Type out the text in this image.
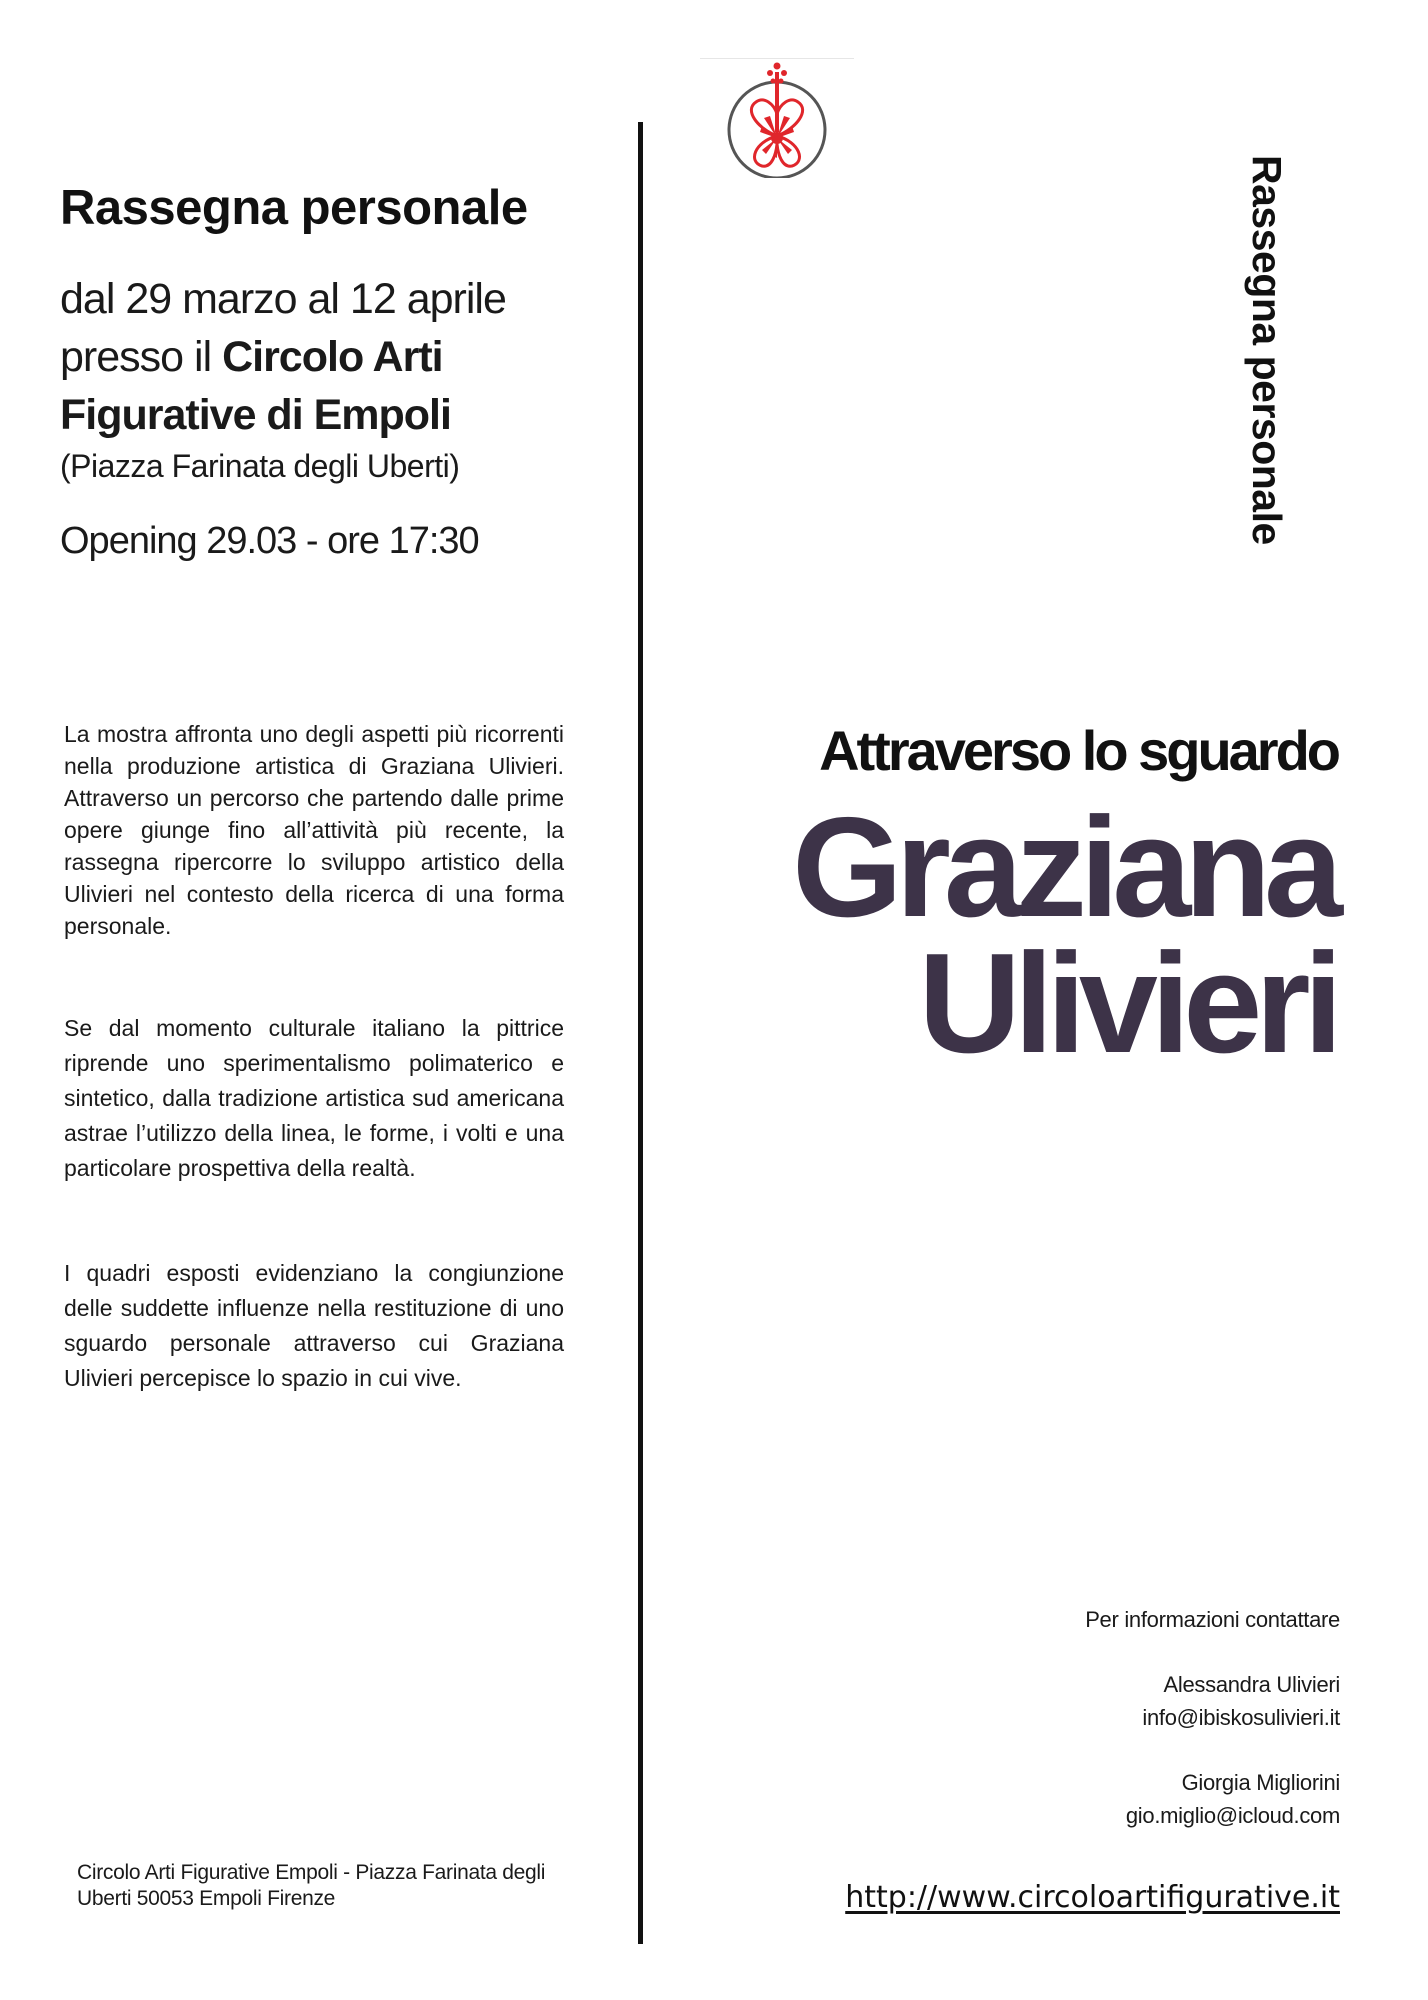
Rassegna personale
dal 29 marzo al 12 aprile
presso il Circolo Arti
Figurative di Empoli
(Piazza Farinata degli Uberti)
Opening 29.03 - ore 17:30
La mostra affronta uno degli aspetti più ricorrenti nella produzione artistica di Graziana Ulivieri. Attraverso un percorso che partendo dalle prime opere giunge fino all’attività più recente, la rassegna ripercorre lo sviluppo artistico della Ulivieri nel contesto della ricerca di una forma personale.
Se dal momento culturale italiano la pittrice riprende uno sperimentalismo polimaterico e sintetico, dalla tradizione artistica sud americana astrae l’utilizzo della linea, le forme, i volti e una particolare prospettiva della realtà.
I quadri esposti evidenziano la congiunzione delle suddette influenze nella restituzione di uno sguardo personale attraverso cui Graziana Ulivieri percepisce lo spazio in cui vive.
Circolo Arti Figurative Empoli - Piazza Farinata degli Uberti 50053 Empoli Firenze
Rassegna personale
Attraverso lo sguardo
Graziana
Ulivieri
Per informazioni contattare
Alessandra Ulivieri
info@ibiskosulivieri.it
Giorgia Migliorini
gio.miglio@icloud.com
http://www.circoloartifigurative.it
